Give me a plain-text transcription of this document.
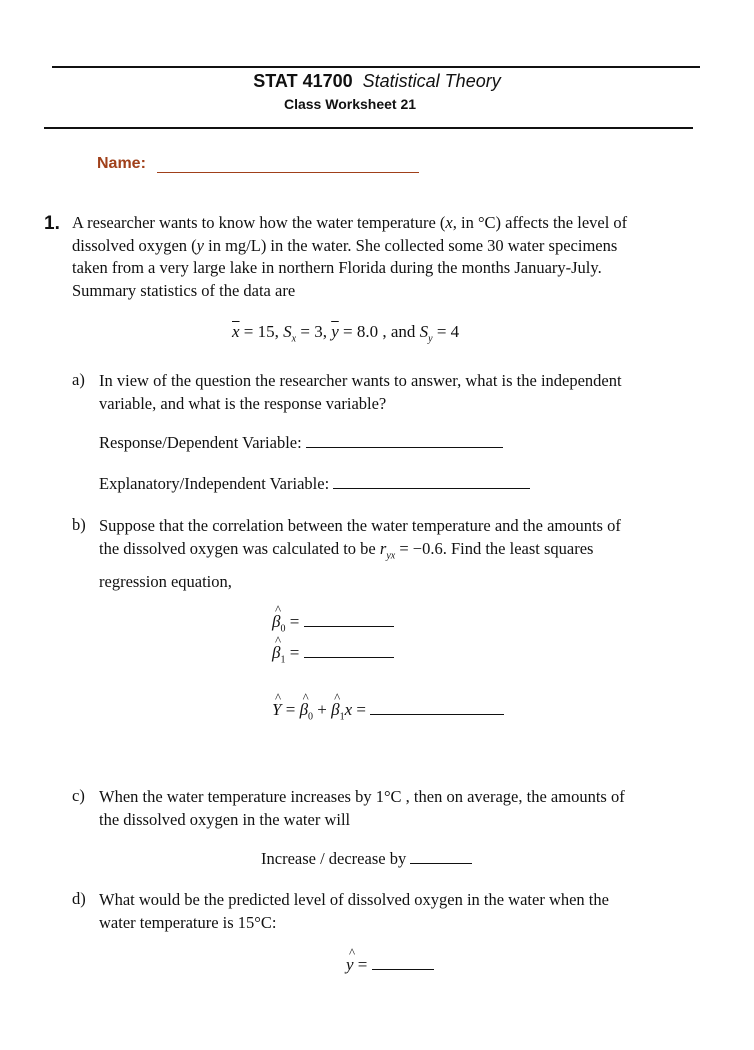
STAT 41700 Statistical Theory
Class Worksheet 21
Name:
1. A researcher wants to know how the water temperature (x, in °C) affects the level of
dissolved oxygen (y in mg/L) in the water. She collected some 30 water specimens
taken from a very large lake in northern Florida during the months January-July.
Summary statistics of the data are
$\overline{x} = 15$, $S_x = 3$, $\overline{y} = 8.0$ , and $S_y = 4$
a) In view of the question the researcher wants to answer, what is the independent
variable, and what is the response variable?
Response/Dependent Variable:
Explanatory/Independent Variable:
b) Suppose that the correlation between the water temperature and the amounts of
the dissolved oxygen was calculated to be $r_{yx} = -0.6$. Find the least squares
regression equation,
^ $\beta_0$ =
^ $\beta_1$ =
^ Y = ^ $\beta_0$ + ^ $\beta_1x$ =
c) When the water temperature increases by 1°C , then on average, the amounts of
the dissolved oxygen in the water will
Increase / decrease by
d) What would be the predicted level of dissolved oxygen in the water when the
water temperature is 15°C:
^ y =
